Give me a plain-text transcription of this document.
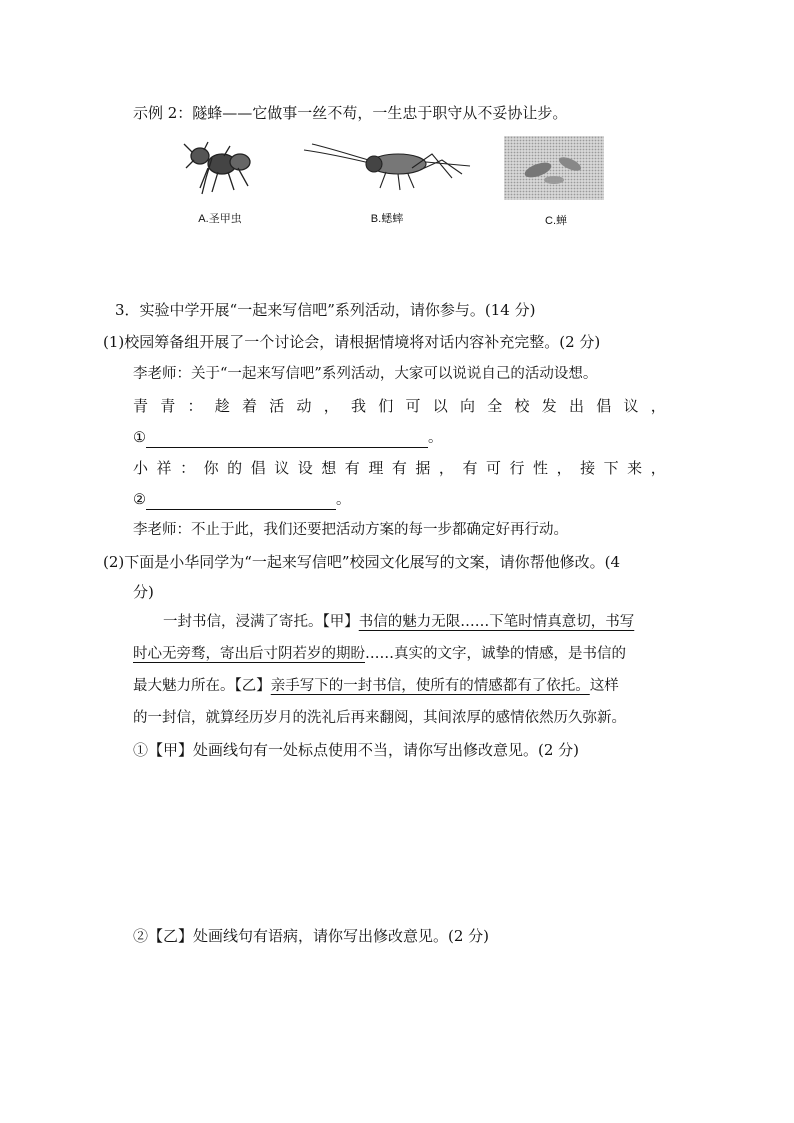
示例 2：隧蜂——它做事一丝不苟，一生忠于职守从不妥协让步。
A.圣甲虫	B.蟋蟀	C.蝉
3．实验中学开展“一起来写信吧”系列活动，请你参与。(14 分)
(1)校园筹备组开展了一个讨论会，请根据情境将对话内容补充完整。(2 分)
李老师：关于“一起来写信吧”系列活动，大家可以说说自己的活动设想。
青 青 ： 趁 着 活 动 ， 我 们 可 以 向 全 校 发 出 倡 议 ，
①	。
小 祥 ： 你 的 倡 议 设 想 有 理 有 据 ， 有 可 行 性 ， 接 下 来 ，
②	。
李老师：不止于此，我们还要把活动方案的每一步都确定好再行动。
(2)下面是小华同学为“一起来写信吧”校园文化展写的文案，请你帮他修改。(4
分)
一封书信，浸满了寄托。【甲】书信的魅力无限……下笔时情真意切，书写
时心无旁骛，寄出后寸阴若岁的期盼……真实的文字，诚挚的情感，是书信的
最大魅力所在。【乙】亲手写下的一封书信，使所有的情感都有了依托。这样
的一封信，就算经历岁月的洗礼后再来翻阅，其间浓厚的感情依然历久弥新。
①【甲】处画线句有一处标点使用不当，请你写出修改意见。(2 分)
②【乙】处画线句有语病，请你写出修改意见。(2 分)
